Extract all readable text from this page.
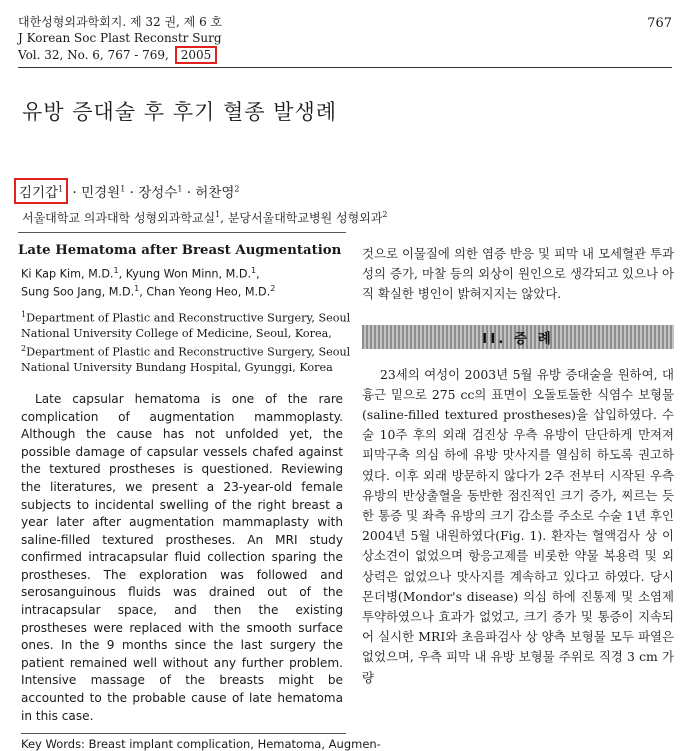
대한성형외과학회지. 제 32 권, 제 6 호
J Korean Soc Plast Reconstr Surg
Vol. 32, No. 6, 767 - 769, 2005
767
유방 증대술 후 후기 혈종 발생례
김기갑$^1$ · 민경원$^1$ · 장성수$^1$ · 허찬영$^2$
서울대학교 의과대학 성형외과학교실$^1$, 분당서울대학교병원 성형외과$^2$
Late Hematoma after Breast Augmentation
Ki Kap Kim, M.D.$^1$, Kyung Won Minn, M.D.$^1$,
Sung Soo Jang, M.D.$^1$, Chan Yeong Heo, M.D.$^2$
$^1$Department of Plastic and Reconstructive Surgery, Seoul
National University College of Medicine, Seoul, Korea,
$^2$Department of Plastic and Reconstructive Surgery, Seoul
National University Bundang Hospital, Gyunggi, Korea
Late capsular hematoma is one of the rare complication of augmentation mammoplasty. Although the cause has not unfolded yet, the possible damage of capsular vessels chafed against the textured prostheses is questioned. Reviewing the literatures, we present a 23-year-old female subjects to incidental swelling of the right breast a year later after augmentation mammaplasty with saline-filled textured prostheses. An MRI study confirmed intracapsular fluid collection sparing the prostheses. The exploration was followed and serosanguinous fluids was drained out of the intracapsular space, and then the existing prostheses were replaced with the smooth surface ones. In the 9 months since the last surgery the patient remained well without any further problem. Intensive massage of the breasts might be accounted to the probable cause of late hematoma in this case.
Key Words: Breast implant complication, Hematoma, Augmen-
것으로 이물질에 의한 염증 반응 및 피막 내 모세혈관 투과성의 증가, 마찰 등의 외상이 원인으로 생각되고 있으나 아직 확실한 병인이 밝혀지지는 않았다.
II. 증 례
23세의 여성이 2003년 5월 유방 증대술을 원하여, 대흉근 밑으로 275 cc의 표면이 오돌토돌한 식염수 보형물(saline-filled textured prostheses)을 삽입하였다. 수술 10주 후의 외래 검진상 우측 유방이 단단하게 만져져 피막구축 의심 하에 유방 맛사지를 열심히 하도록 권고하였다. 이후 외래 방문하지 않다가 2주 전부터 시작된 우측 유방의 반상출혈을 동반한 점진적인 크기 증가, 찌르는 듯한 통증 및 좌측 유방의 크기 감소를 주소로 수술 1년 후인 2004년 5월 내원하였다(Fig. 1). 환자는 혈액검사 상 이상소견이 없었으며 항응고제를 비롯한 약물 복용력 및 외상력은 없었으나 맛사지를 계속하고 있다고 하였다. 당시 몬더병(Mondor's disease) 의심 하에 진통제 및 소염제 투약하였으나 효과가 없었고, 크기 증가 및 통증이 지속되어 실시한 MRI와 초음파검사 상 양측 보형물 모두 파열은 없었으며, 우측 피막 내 유방 보형물 주위로 직경 3 cm 가량
